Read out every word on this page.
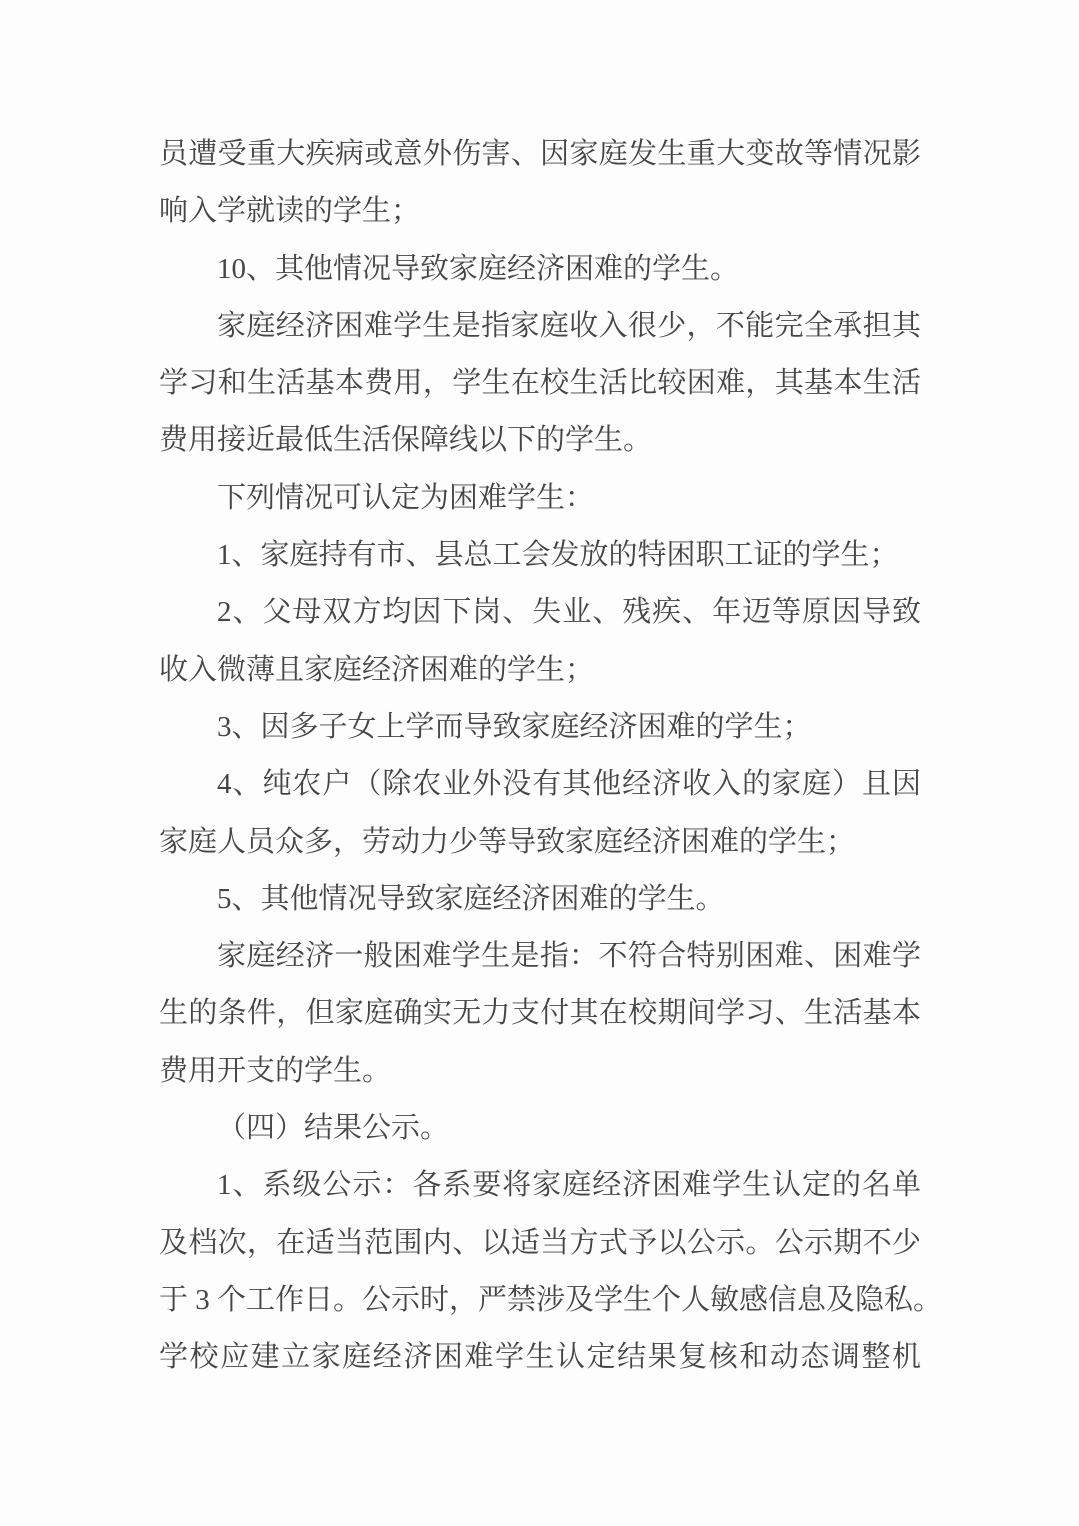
员遭受重大疾病或意外伤害、因家庭发生重大变故等情况影

响入学就读的学生；

10、其他情况导致家庭经济困难的学生。

家庭经济困难学生是指家庭收入很少，不能完全承担其

学习和生活基本费用，学生在校生活比较困难，其基本生活

费用接近最低生活保障线以下的学生。

下列情况可认定为困难学生：

1、家庭持有市、县总工会发放的特困职工证的学生；

2、父母双方均因下岗、失业、残疾、年迈等原因导致

收入微薄且家庭经济困难的学生；

3、因多子女上学而导致家庭经济困难的学生；

4、纯农户（除农业外没有其他经济收入的家庭）且因

家庭人员众多，劳动力少等导致家庭经济困难的学生；

5、其他情况导致家庭经济困难的学生。

家庭经济一般困难学生是指：不符合特别困难、困难学

生的条件，但家庭确实无力支付其在校期间学习、生活基本

费用开支的学生。

（四）结果公示。

1、系级公示：各系要将家庭经济困难学生认定的名单

及档次，在适当范围内、以适当方式予以公示。公示期不少

于 3 个工作日。公示时，严禁涉及学生个人敏感信息及隐私。

学校应建立家庭经济困难学生认定结果复核和动态调整机
